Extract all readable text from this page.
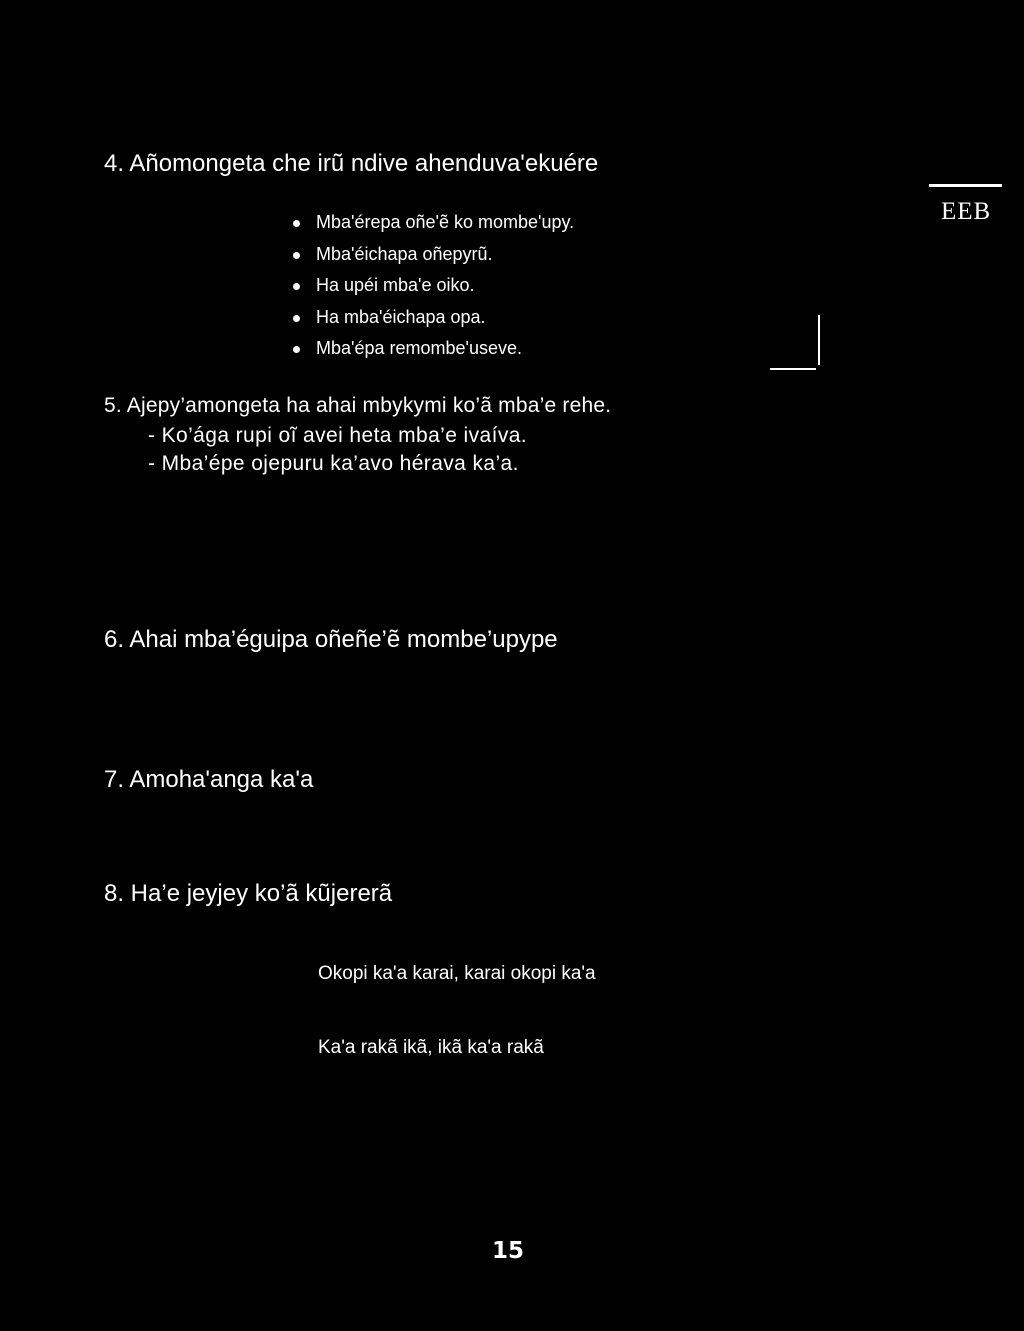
4. Añomongeta che irũ ndive ahenduva'ekuére
Mba'érepa oñe'ẽ ko mombe'upy.
Mba'éichapa oñepyrũ.
Ha upéi mba'e oiko.
Ha mba'éichapa opa.
Mba'épa remombe'useve.
EEB
5. Ajepy’amongeta ha ahai mbykymi ko’ã mba’e rehe.
- Ko’ága rupi oĩ avei heta mba’e ivaíva.
- Mba’épe ojepuru ka’avo hérava ka’a.
6. Ahai mba’éguipa oñeñe’ẽ mombe’upype
7. Amoha'anga ka'a
8. Ha’e jeyjey ko’ã kũjererã
Okopi ka'a karai, karai okopi ka'a
Ka'a rakã ikã, ikã ka'a rakã
15
